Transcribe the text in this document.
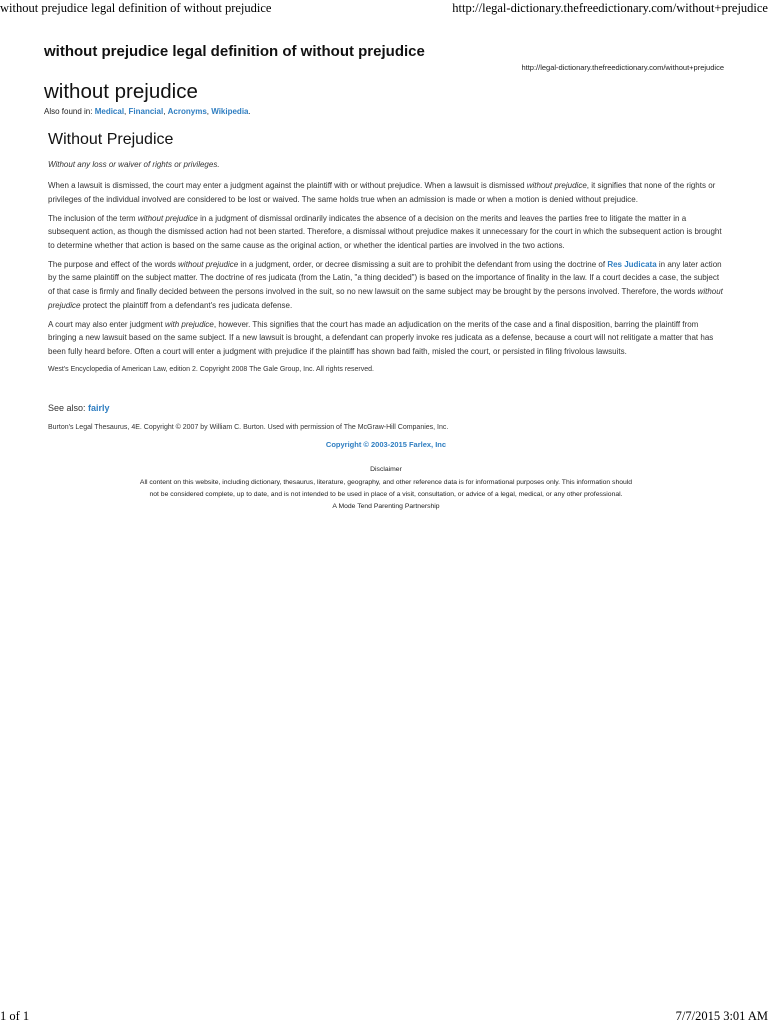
without prejudice legal definition of without prejudice	http://legal-dictionary.thefreedictionary.com/without+prejudice
without prejudice legal definition of without prejudice
http://legal-dictionary.thefreedictionary.com/without+prejudice
without prejudice
Also found in: Medical, Financial, Acronyms, Wikipedia.
Without Prejudice

Without any loss or waiver of rights or privileges.

When a lawsuit is dismissed, the court may enter a judgment against the plaintiff with or without prejudice. When a lawsuit is dismissed without prejudice, it signifies that none of the rights or privileges of the individual involved are considered to be lost or waived. The same holds true when an admission is made or when a motion is denied without prejudice.

The inclusion of the term without prejudice in a judgment of dismissal ordinarily indicates the absence of a decision on the merits and leaves the parties free to litigate the matter in a subsequent action, as though the dismissed action had not been started. Therefore, a dismissal without prejudice makes it unnecessary for the court in which the subsequent action is brought to determine whether that action is based on the same cause as the original action, or whether the identical parties are involved in the two actions.

The purpose and effect of the words without prejudice in a judgment, order, or decree dismissing a suit are to prohibit the defendant from using the doctrine of Res Judicata in any later action by the same plaintiff on the subject matter. The doctrine of res judicata (from the Latin, "a thing decided") is based on the importance of finality in the law. If a court decides a case, the subject of that case is firmly and finally decided between the persons involved in the suit, so no new lawsuit on the same subject may be brought by the persons involved. Therefore, the words without prejudice protect the plaintiff from a defendant's res judicata defense.

A court may also enter judgment with prejudice, however. This signifies that the court has made an adjudication on the merits of the case and a final disposition, barring the plaintiff from bringing a new lawsuit based on the same subject. If a new lawsuit is brought, a defendant can properly invoke res judicata as a defense, because a court will not relitigate a matter that has been fully heard before. Often a court will enter a judgment with prejudice if the plaintiff has shown bad faith, misled the court, or persisted in filing frivolous lawsuits.

West's Encyclopedia of American Law, edition 2. Copyright 2008 The Gale Group, Inc. All rights reserved.

See also: fairly

Burton's Legal Thesaurus, 4E. Copyright © 2007 by William C. Burton. Used with permission of The McGraw-Hill Companies, Inc.

Copyright © 2003-2015 Farlex, Inc

Disclaimer

All content on this website, including dictionary, thesaurus, literature, geography, and other reference data is for informational purposes only. This information should not be considered complete, up to date, and is not intended to be used in place of a visit, consultation, or advice of a legal, medical, or any other professional.

A Mode Tend Parenting Partnership

1 of 1	7/7/2015 3:01 AM
